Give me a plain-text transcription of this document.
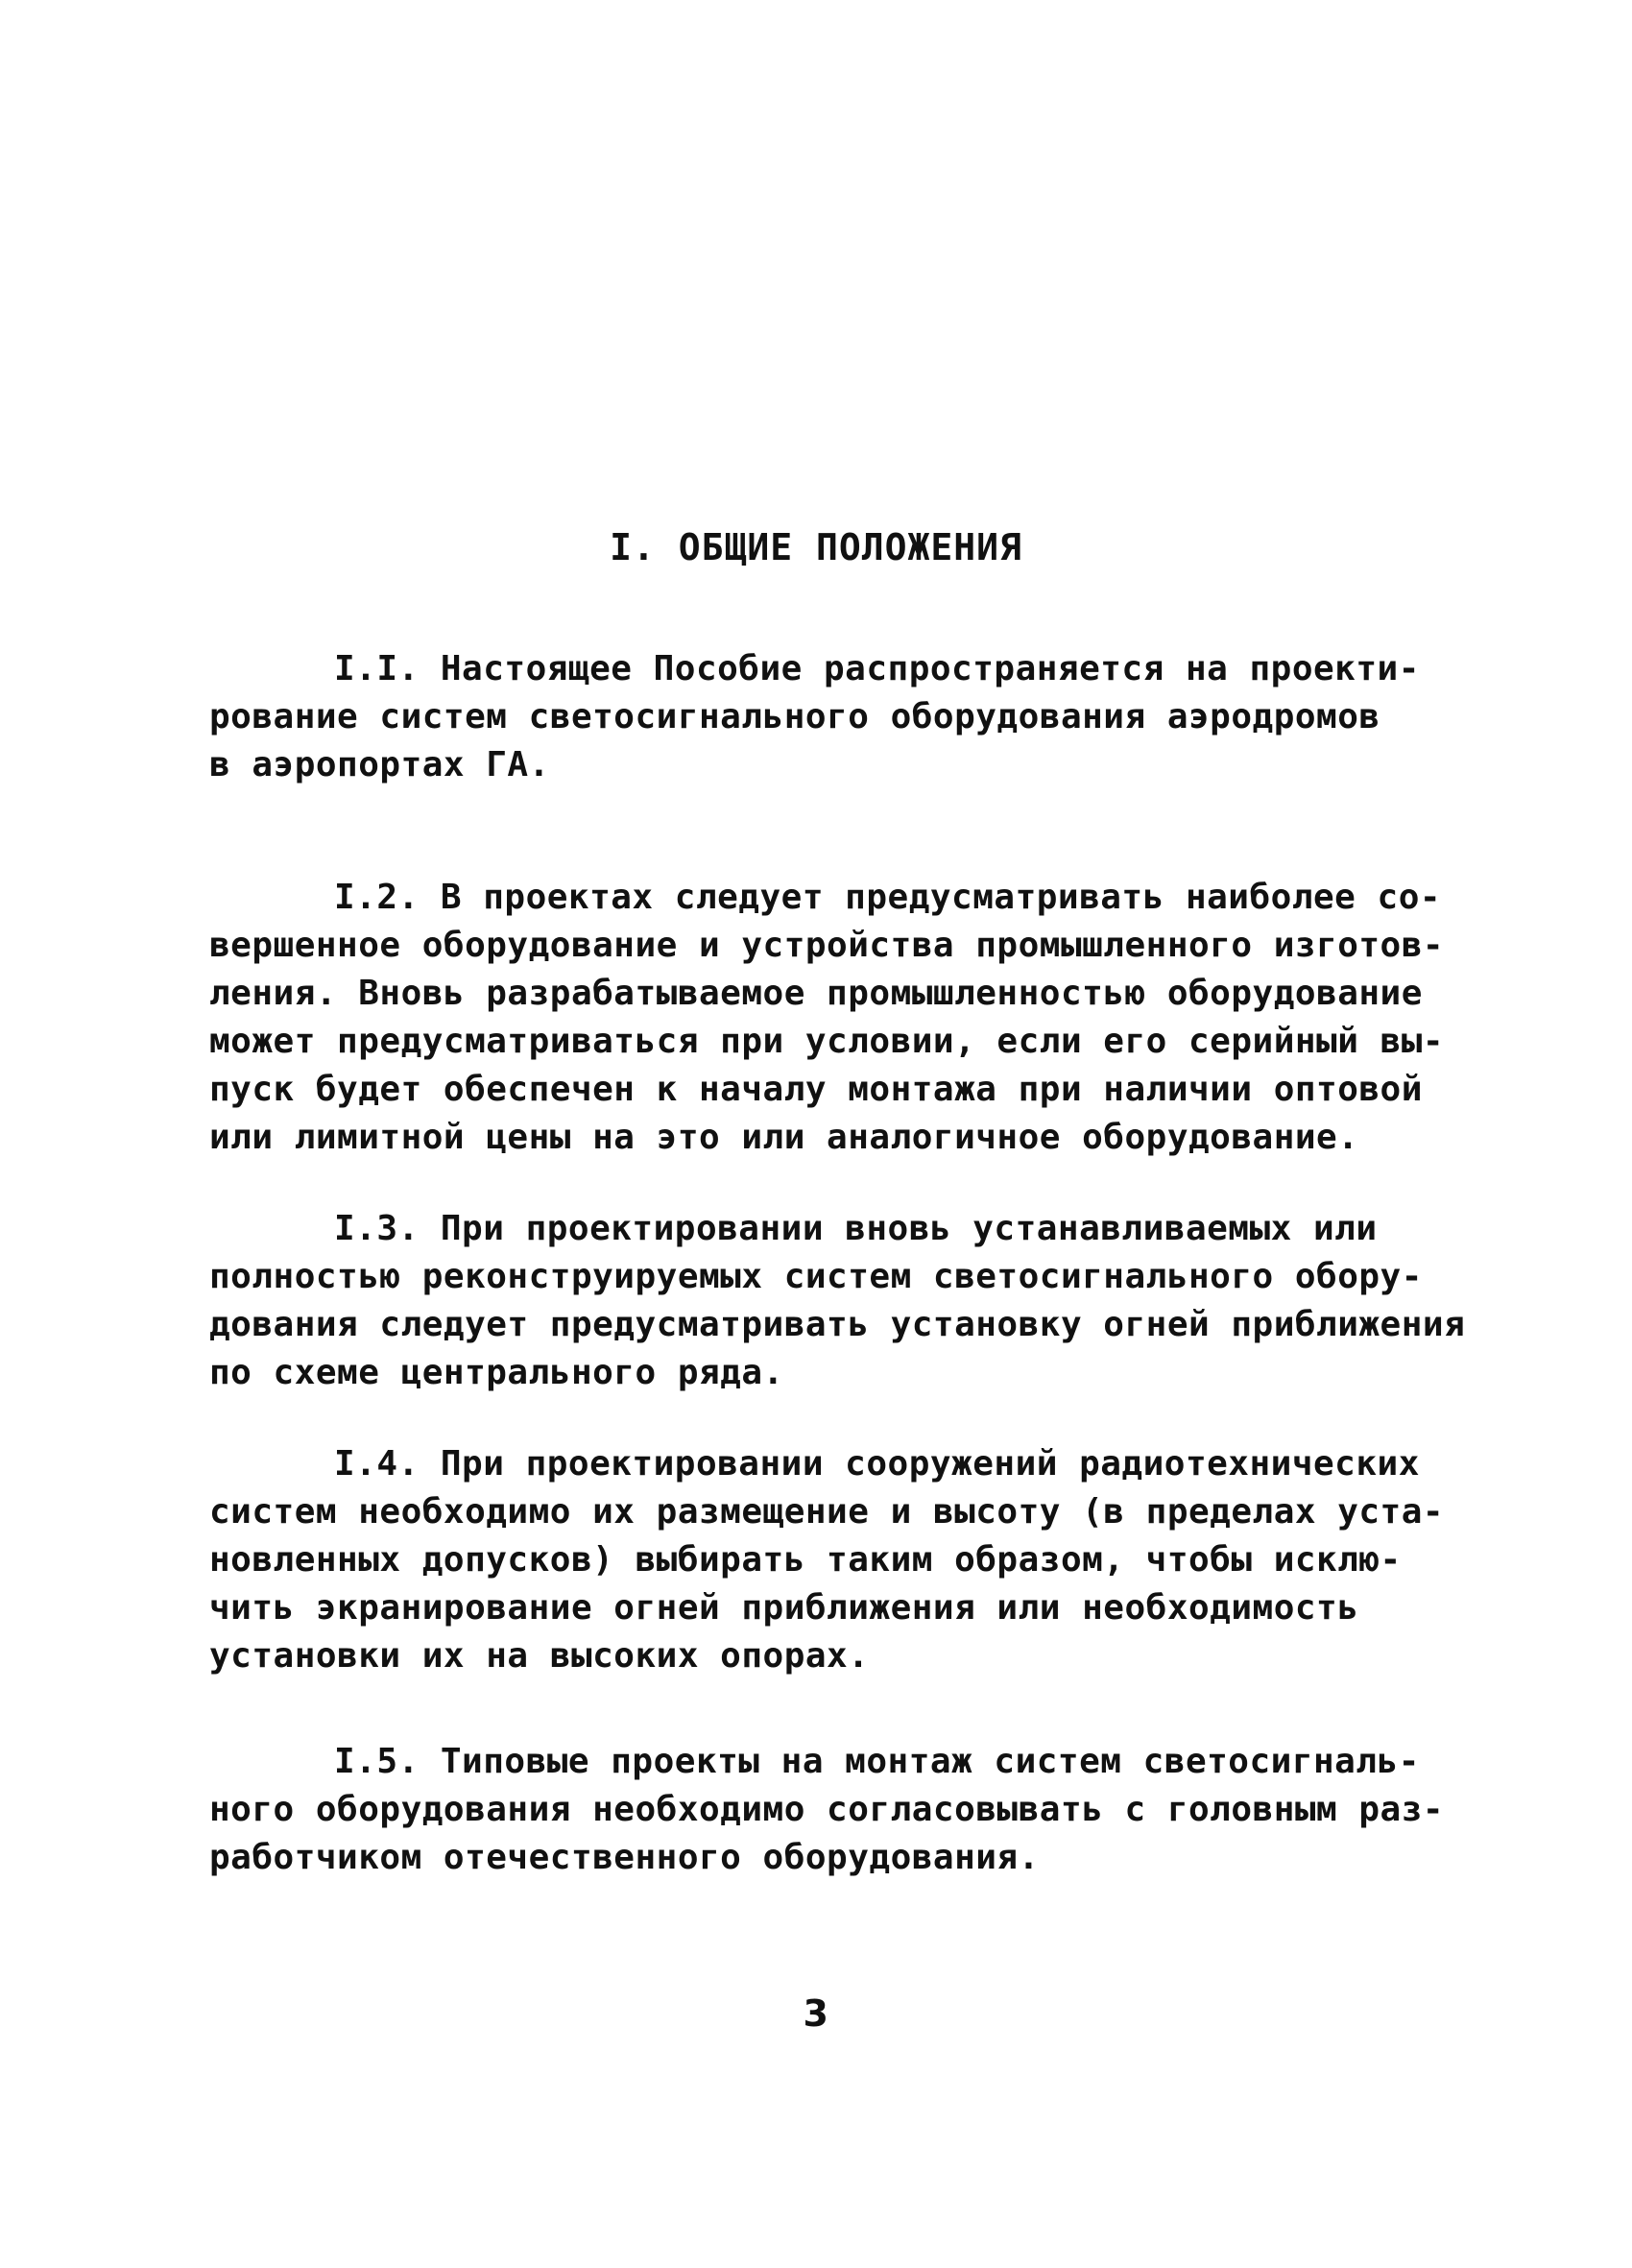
I. ОБЩИЕ ПОЛОЖЕНИЯ
I.I. Настоящее Пособие распространяется на проекти-
рование систем светосигнального оборудования аэродромов
в аэропортах ГА.
I.2. В проектах следует предусматривать наиболее со-
вершенное оборудование и устройства промышленного изготов-
ления. Вновь разрабатываемое промышленностью оборудование
может предусматриваться при условии, если его серийный вы-
пуск будет обеспечен к началу монтажа при наличии оптовой
или лимитной цены на это или аналогичное оборудование.
I.3. При проектировании вновь устанавливаемых или
полностью реконструируемых систем светосигнального обору-
дования следует предусматривать установку огней приближения
по схеме центрального ряда.
I.4. При проектировании сооружений радиотехнических
систем необходимо их размещение и высоту (в пределах уста-
новленных допусков) выбирать таким образом, чтобы исклю-
чить экранирование огней приближения или необходимость
установки их на высоких опорах.
I.5. Типовые проекты на монтаж систем светосигналь-
ного оборудования необходимо согласовывать с головным раз-
работчиком отечественного оборудования.
3
